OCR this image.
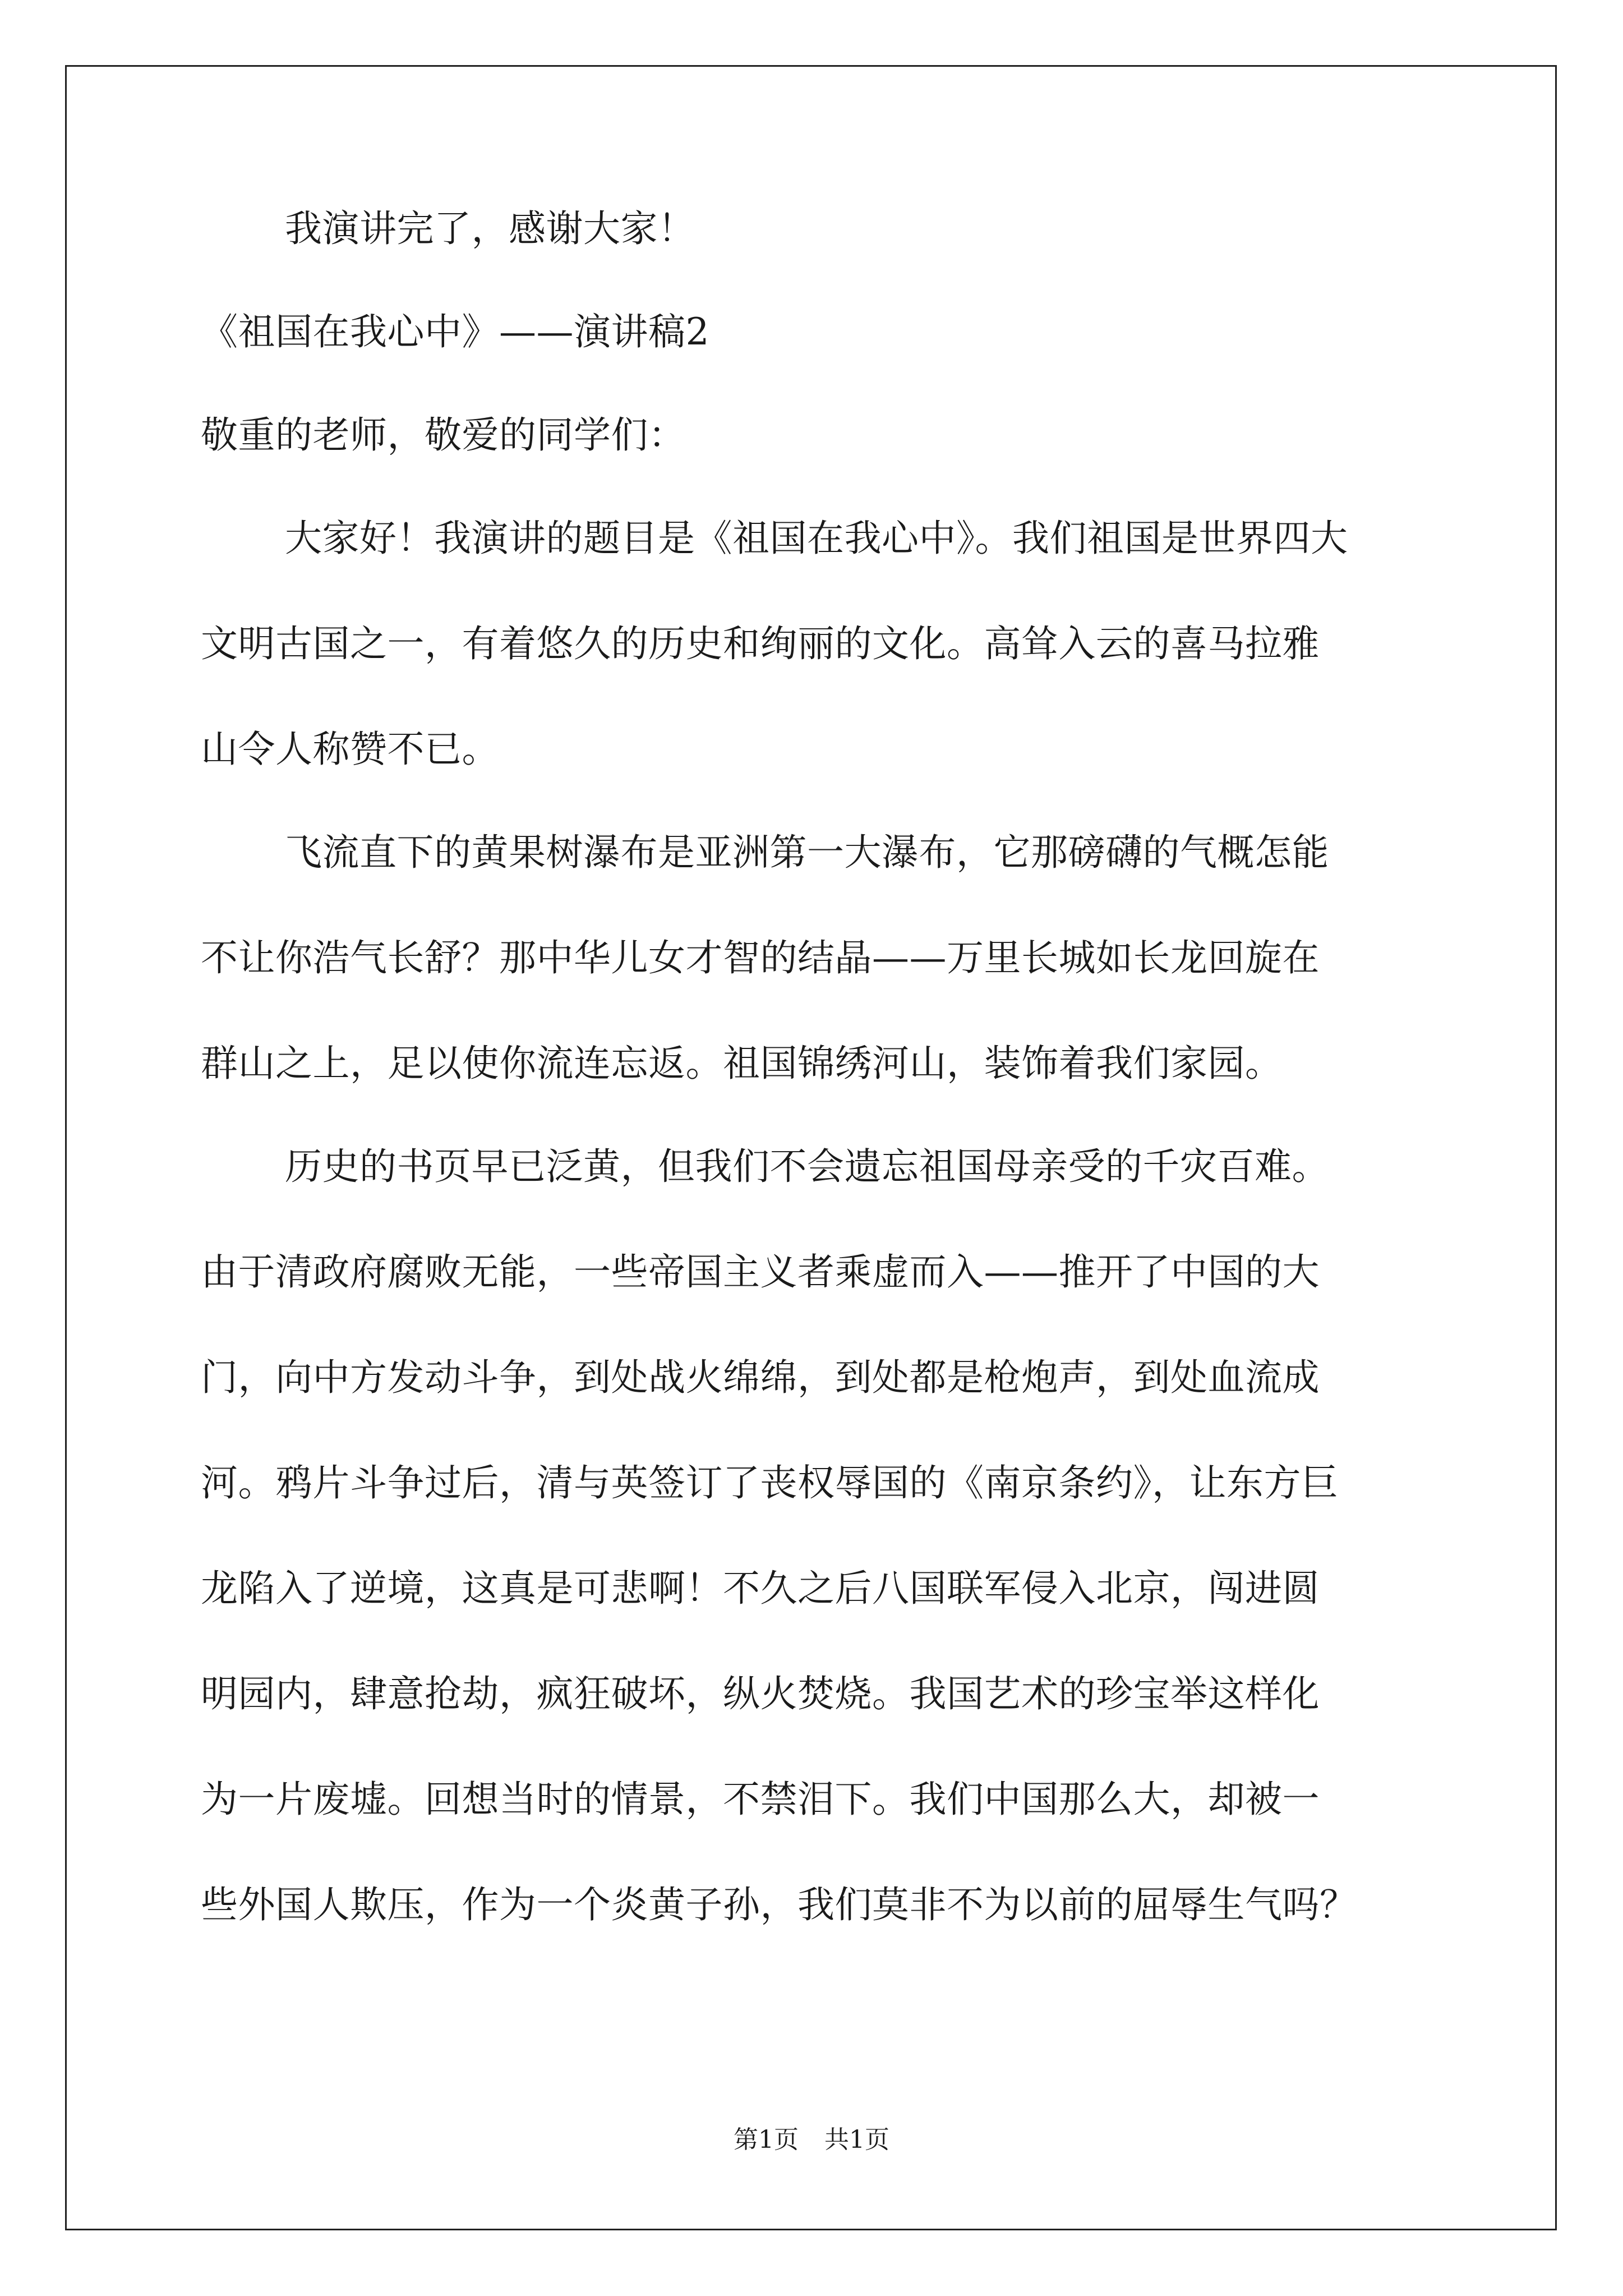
我演讲完了，感谢大家！
《祖国在我心中》——演讲稿2
敬重的老师，敬爱的同学们：
大家好！我演讲的题目是《祖国在我心中》。我们祖国是世界四大
文明古国之一，有着悠久的历史和绚丽的文化。高耸入云的喜马拉雅
山令人称赞不已。
飞流直下的黄果树瀑布是亚洲第一大瀑布，它那磅礴的气概怎能
不让你浩气长舒？那中华儿女才智的结晶——万里长城如长龙回旋在
群山之上，足以使你流连忘返。祖国锦绣河山，装饰着我们家园。
历史的书页早已泛黄，但我们不会遗忘祖国母亲受的千灾百难。
由于清政府腐败无能，一些帝国主义者乘虚而入——推开了中国的大
门，向中方发动斗争，到处战火绵绵，到处都是枪炮声，到处血流成
河。鸦片斗争过后，清与英签订了丧权辱国的《南京条约》，让东方巨
龙陷入了逆境，这真是可悲啊！不久之后八国联军侵入北京，闯进圆
明园内，肆意抢劫，疯狂破坏，纵火焚烧。我国艺术的珍宝举这样化
为一片废墟。回想当时的情景，不禁泪下。我们中国那么大，却被一
些外国人欺压，作为一个炎黄子孙，我们莫非不为以前的屈辱生气吗？
第1页 共1页
